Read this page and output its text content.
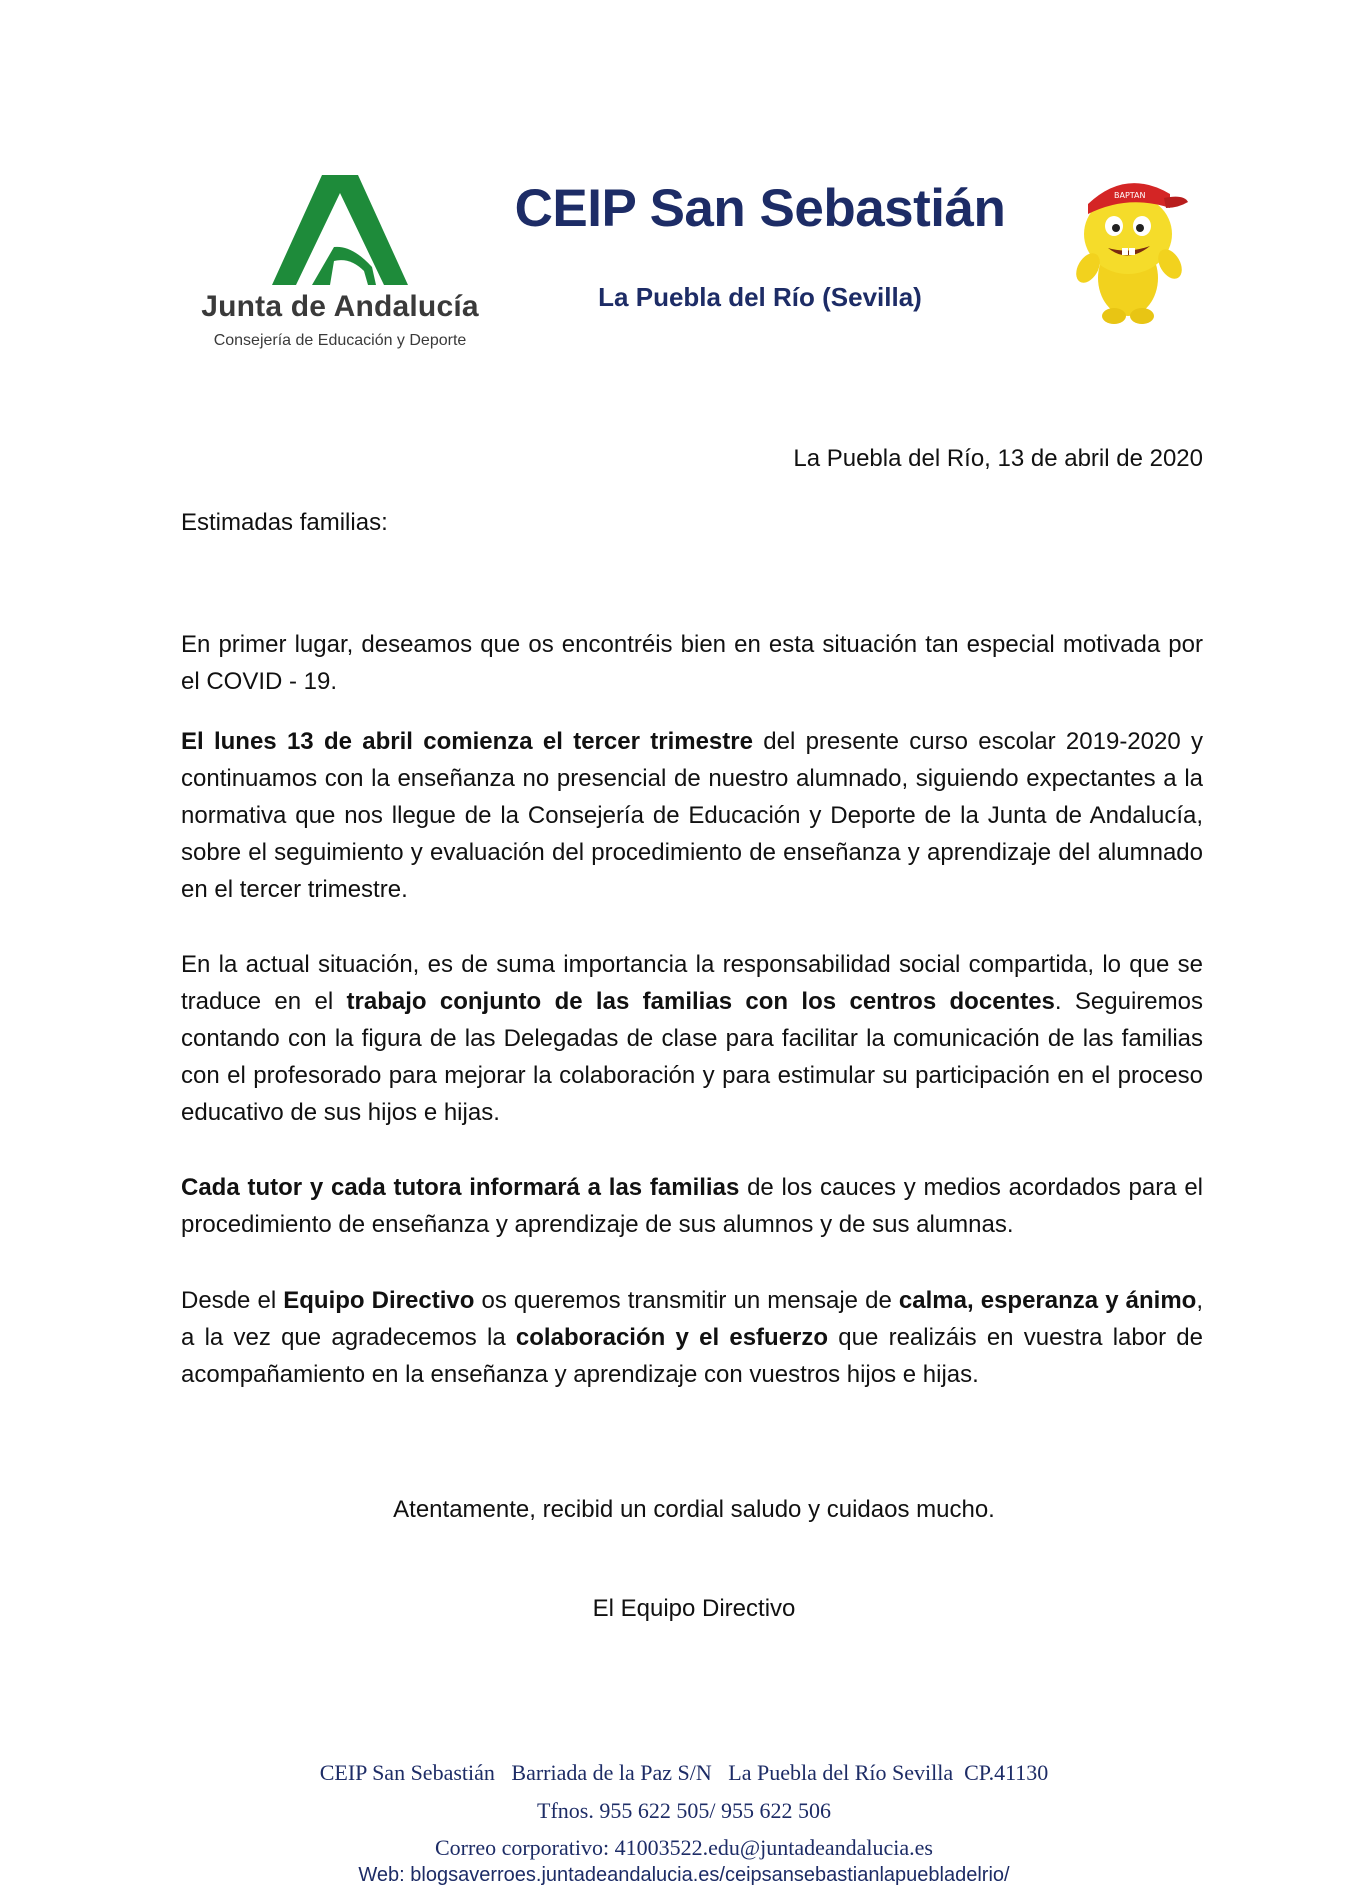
Junta de Andalucía
Consejería de Educación y Deporte
CEIP San Sebastián
La Puebla del Río (Sevilla)
BAPTAN
La Puebla del Río, 13 de abril de 2020
Estimadas familias:
En primer lugar, deseamos que os encontréis bien en esta situación tan especial motivada por el COVID - 19.
El lunes 13 de abril comienza el tercer trimestre del presente curso escolar 2019-2020 y continuamos con la enseñanza no presencial de nuestro alumnado, siguiendo expectantes a la normativa que nos llegue de la Consejería de Educación y Deporte de la Junta de Andalucía, sobre el seguimiento y evaluación del procedimiento de enseñanza y aprendizaje del alumnado en el tercer trimestre.
En la actual situación, es de suma importancia la responsabilidad social compartida, lo que se traduce en el trabajo conjunto de las familias con los centros docentes. Seguiremos contando con la figura de las Delegadas de clase para facilitar la comunicación de las familias con el profesorado para mejorar la colaboración y para estimular su participación en el proceso educativo de sus hijos e hijas.
Cada tutor y cada tutora informará a las familias de los cauces y medios acordados para el procedimiento de enseñanza y aprendizaje de sus alumnos y de sus alumnas.
Desde el Equipo Directivo os queremos transmitir un mensaje de calma, esperanza y ánimo, a la vez que agradecemos la colaboración y el esfuerzo que realizáis en vuestra labor de acompañamiento en la enseñanza y aprendizaje con vuestros hijos e hijas.
Atentamente, recibid un cordial saludo y cuidaos mucho.
El Equipo Directivo
CEIP San Sebastián   Barriada de la Paz S/N   La Puebla del Río Sevilla  CP.41130
Tfnos. 955 622 505/ 955 622 506
Correo corporativo: 41003522.edu@juntadeandalucia.es
Web: blogsaverroes.juntadeandalucia.es/ceipsansebastianlapuebladelrio/
